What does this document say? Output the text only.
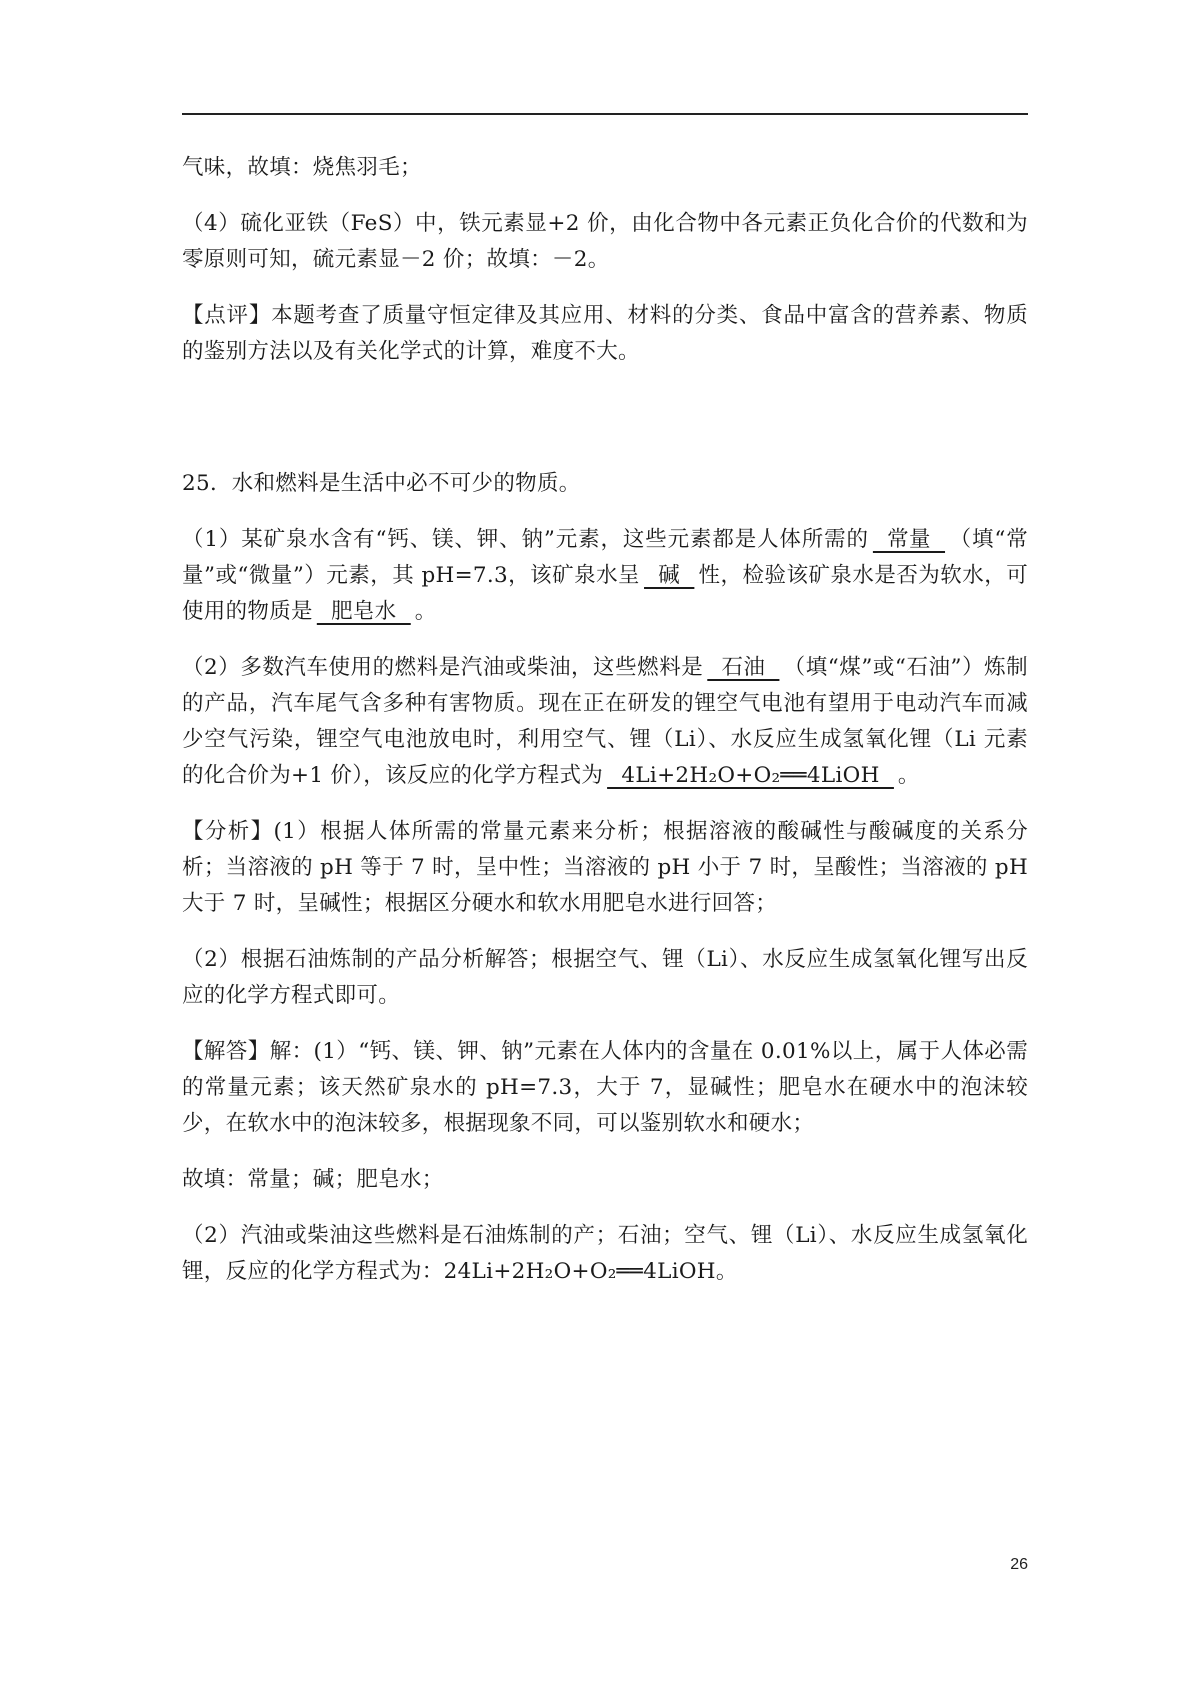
气味，故填：烧焦羽毛；

（4）硫化亚铁（FeS）中，铁元素显+2 价，由化合物中各元素正负化合价的代数和为零原则可知，硫元素显－2 价；故填：－2。

【点评】本题考查了质量守恒定律及其应用、材料的分类、食品中富含的营养素、物质的鉴别方法以及有关化学式的计算，难度不大。

25．水和燃料是生活中必不可少的物质。

（1）某矿泉水含有“钙、镁、钾、钠”元素，这些元素都是人体所需的  常量  （填“常量”或“微量”）元素，其 pH=7.3，该矿泉水呈  碱  性，检验该矿泉水是否为软水，可使用的物质是  肥皂水  。

（2）多数汽车使用的燃料是汽油或柴油，这些燃料是  石油  （填“煤”或“石油”）炼制的产品，汽车尾气含多种有害物质。现在正在研发的锂空气电池有望用于电动汽车而减少空气污染，锂空气电池放电时，利用空气、锂（Li）、水反应生成氢氧化锂（Li 元素的化合价为+1 价），该反应的化学方程式为  4Li+2H₂O+O₂══4LiOH  。

【分析】(1）根据人体所需的常量元素来分析；根据溶液的酸碱性与酸碱度的关系分析；当溶液的 pH 等于 7 时，呈中性；当溶液的 pH 小于 7 时，呈酸性；当溶液的 pH 大于 7 时，呈碱性；根据区分硬水和软水用肥皂水进行回答；

（2）根据石油炼制的产品分析解答；根据空气、锂（Li）、水反应生成氢氧化锂写出反应的化学方程式即可。

【解答】解：(1）“钙、镁、钾、钠”元素在人体内的含量在 0.01%以上，属于人体必需的常量元素；该天然矿泉水的 pH=7.3，大于 7，显碱性；肥皂水在硬水中的泡沫较少，在软水中的泡沫较多，根据现象不同，可以鉴别软水和硬水；

故填：常量；碱；肥皂水；

（2）汽油或柴油这些燃料是石油炼制的产；石油；空气、锂（Li）、水反应生成氢氧化锂，反应的化学方程式为：24Li+2H₂O+O₂══4LiOH。

26
